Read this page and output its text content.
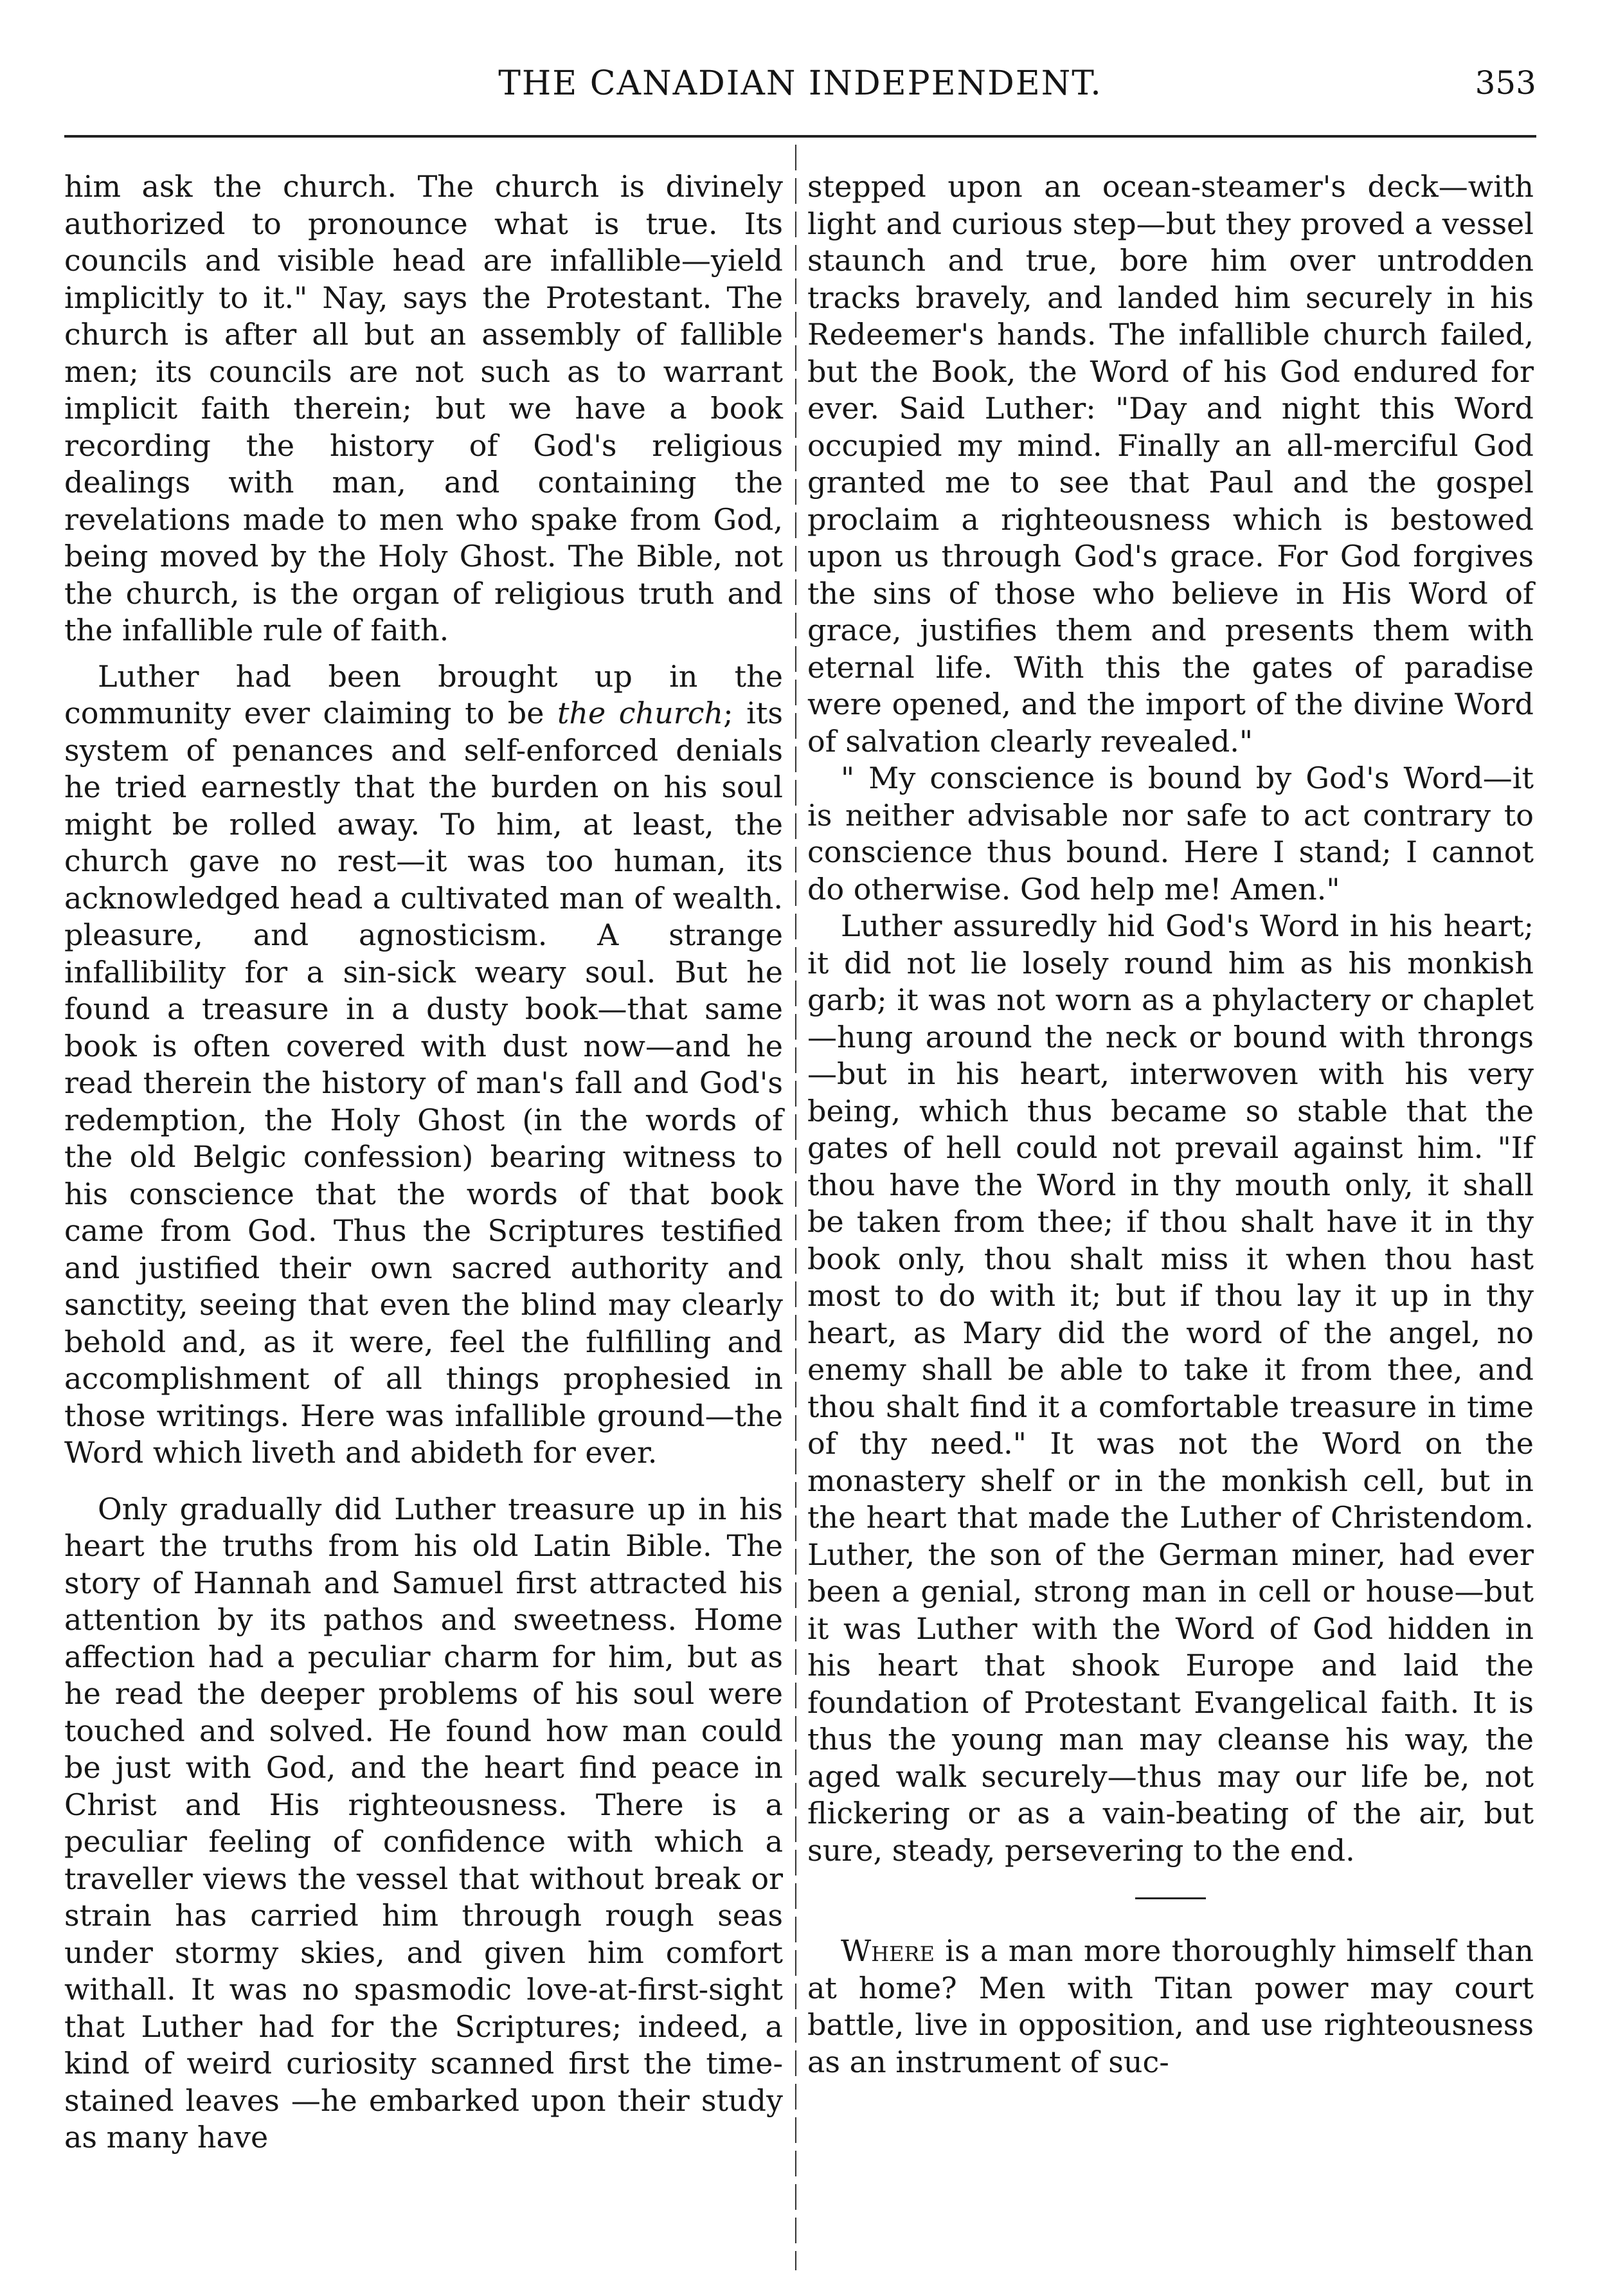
THE CANADIAN INDEPENDENT.	353

him ask the church. The church is divinely authorized to pronounce what is true. Its councils and visible head are infallible—yield implicitly to it." Nay, says the Protestant. The church is after all but an assembly of fallible men; its councils are not such as to warrant implicit faith therein; but we have a book recording the history of God's religious dealings with man, and containing the revelations made to men who spake from God, being moved by the Holy Ghost. The Bible, not the church, is the organ of religious truth and the infallible rule of faith.

Luther had been brought up in the community ever claiming to be the church; its system of penances and self-enforced denials he tried earnestly that the burden on his soul might be rolled away. To him, at least, the church gave no rest—it was too human, its acknowledged head a cultivated man of wealth. pleasure, and agnosticism. A strange infallibility for a sin-sick weary soul. But he found a treasure in a dusty book—that same book is often covered with dust now—and he read therein the history of man's fall and God's redemption, the Holy Ghost (in the words of the old Belgic confession) bearing witness to his conscience that the words of that book came from God. Thus the Scriptures testified and justified their own sacred authority and sanctity, seeing that even the blind may clearly behold and, as it were, feel the fulfilling and accomplishment of all things prophesied in those writings. Here was infallible ground—the Word which liveth and abideth for ever.

Only gradually did Luther treasure up in his heart the truths from his old Latin Bible. The story of Hannah and Samuel first attracted his attention by its pathos and sweetness. Home affection had a peculiar charm for him, but as he read the deeper problems of his soul were touched and solved. He found how man could be just with God, and the heart find peace in Christ and His righteousness. There is a peculiar feeling of confidence with which a traveller views the vessel that without break or strain has carried him through rough seas under stormy skies, and given him comfort withall. It was no spasmodic love-at-first-sight that Luther had for the Scriptures; indeed, a kind of weird curiosity scanned first the time-stained leaves —he embarked upon their study as many have

stepped upon an ocean-steamer's deck—with light and curious step—but they proved a vessel staunch and true, bore him over untrodden tracks bravely, and landed him securely in his Redeemer's hands. The infallible church failed, but the Book, the Word of his God endured for ever. Said Luther: "Day and night this Word occupied my mind. Finally an all-merciful God granted me to see that Paul and the gospel proclaim a righteousness which is bestowed upon us through God's grace. For God forgives the sins of those who believe in His Word of grace, justifies them and presents them with eternal life. With this the gates of paradise were opened, and the import of the divine Word of salvation clearly revealed."

" My conscience is bound by God's Word—it is neither advisable nor safe to act contrary to conscience thus bound. Here I stand; I cannot do otherwise. God help me! Amen."

Luther assuredly hid God's Word in his heart; it did not lie losely round him as his monkish garb; it was not worn as a phylactery or chaplet—hung around the neck or bound with throngs—but in his heart, interwoven with his very being, which thus became so stable that the gates of hell could not prevail against him. "If thou have the Word in thy mouth only, it shall be taken from thee; if thou shalt have it in thy book only, thou shalt miss it when thou hast most to do with it; but if thou lay it up in thy heart, as Mary did the word of the angel, no enemy shall be able to take it from thee, and thou shalt find it a comfortable treasure in time of thy need." It was not the Word on the monastery shelf or in the monkish cell, but in the heart that made the Luther of Christendom. Luther, the son of the German miner, had ever been a genial, strong man in cell or house—but it was Luther with the Word of God hidden in his heart that shook Europe and laid the foundation of Protestant Evangelical faith. It is thus the young man may cleanse his way, the aged walk securely—thus may our life be, not flickering or as a vain-beating of the air, but sure, steady, persevering to the end.

Where is a man more thoroughly himself than at home? Men with Titan power may court battle, live in opposition, and use righteousness as an instrument of suc-
